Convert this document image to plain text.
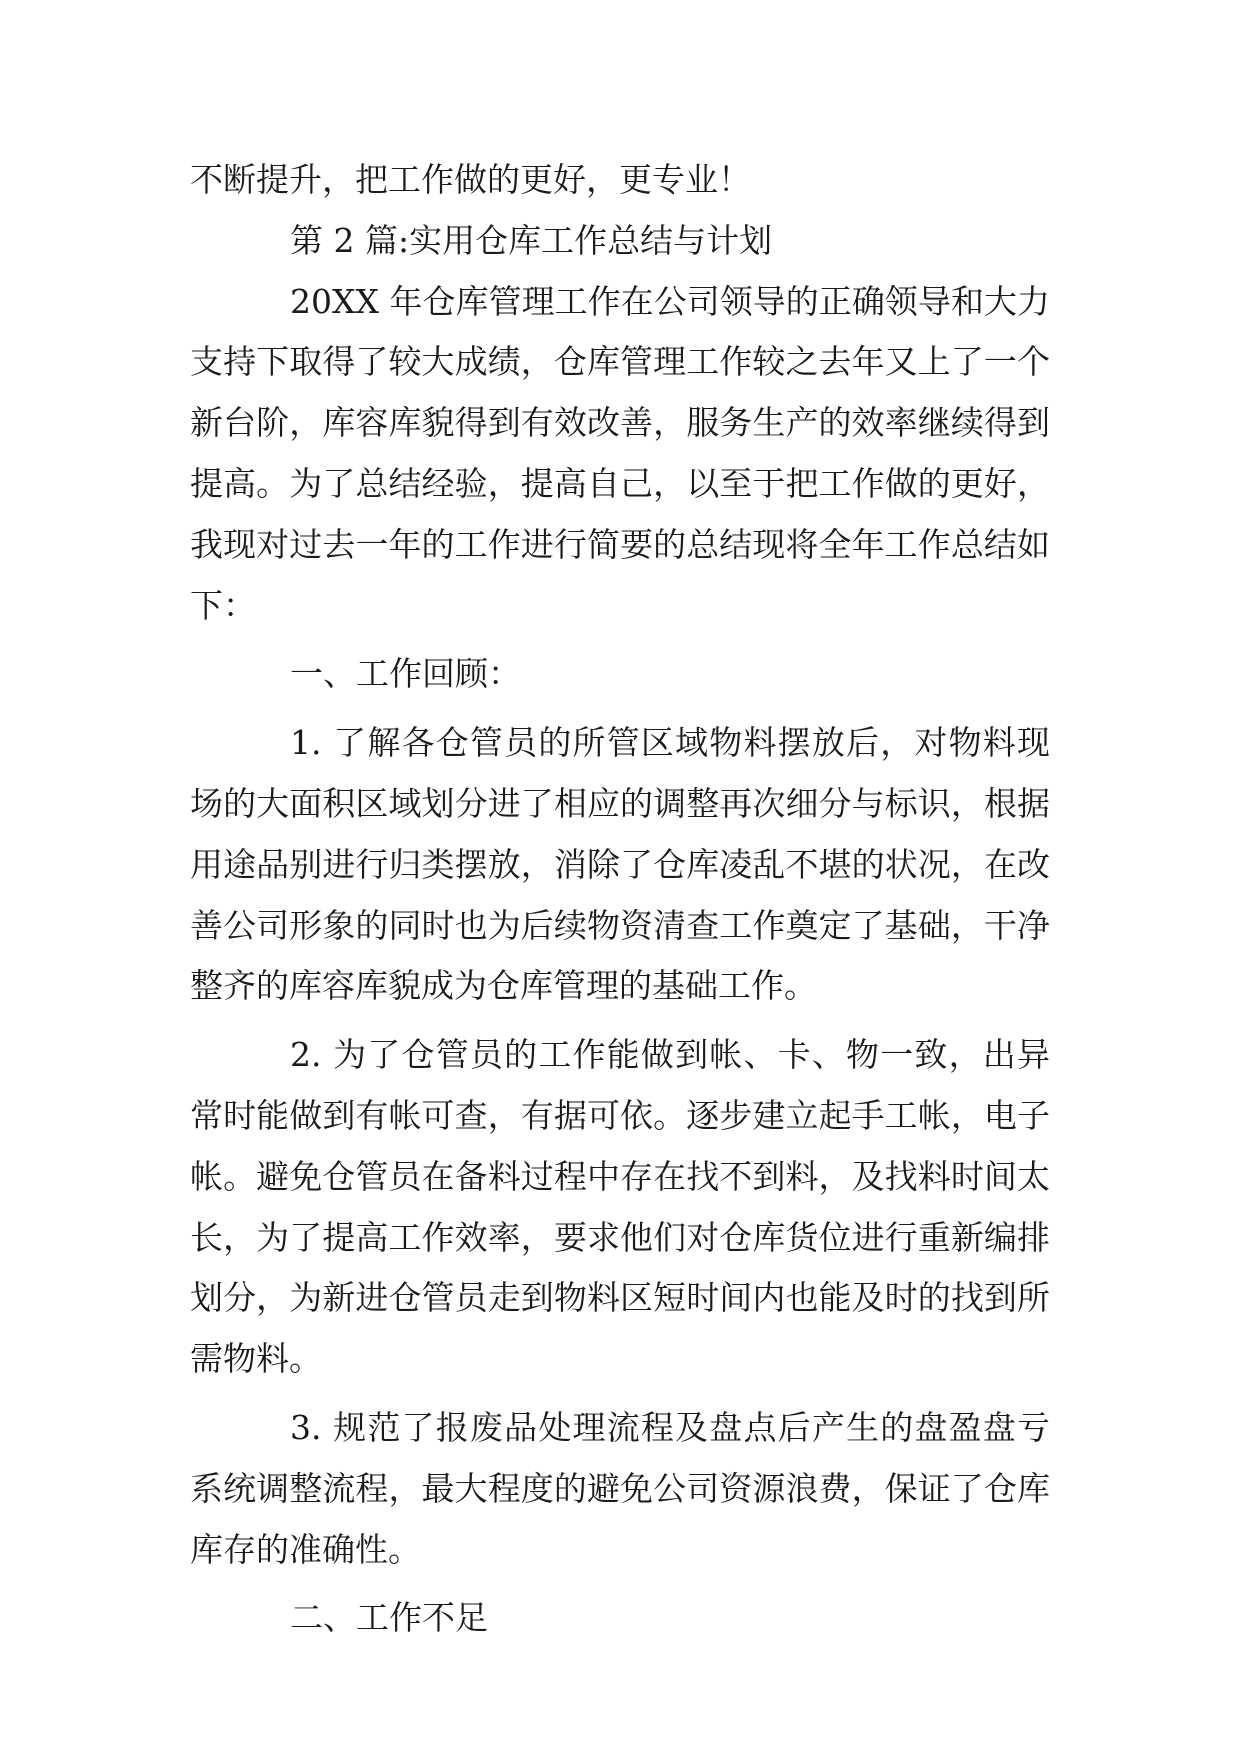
不断提升，把工作做的更好，更专业！

第 2 篇:实用仓库工作总结与计划

20XX 年仓库管理工作在公司领导的正确领导和大力支持下取得了较大成绩，仓库管理工作较之去年又上了一个新台阶，库容库貌得到有效改善，服务生产的效率继续得到提高。为了总结经验，提高自己，以至于把工作做的更好，我现对过去一年的工作进行简要的总结现将全年工作总结如下：

一、工作回顾：

1. 了解各仓管员的所管区域物料摆放后，对物料现场的大面积区域划分进了相应的调整再次细分与标识，根据用途品别进行归类摆放，消除了仓库凌乱不堪的状况，在改善公司形象的同时也为后续物资清查工作奠定了基础，干净整齐的库容库貌成为仓库管理的基础工作。

2. 为了仓管员的工作能做到帐、卡、物一致，出异常时能做到有帐可查，有据可依。逐步建立起手工帐，电子帐。避免仓管员在备料过程中存在找不到料，及找料时间太长，为了提高工作效率，要求他们对仓库货位进行重新编排划分，为新进仓管员走到物料区短时间内也能及时的找到所需物料。

3. 规范了报废品处理流程及盘点后产生的盘盈盘亏系统调整流程，最大程度的避免公司资源浪费，保证了仓库库存的准确性。

二、工作不足
